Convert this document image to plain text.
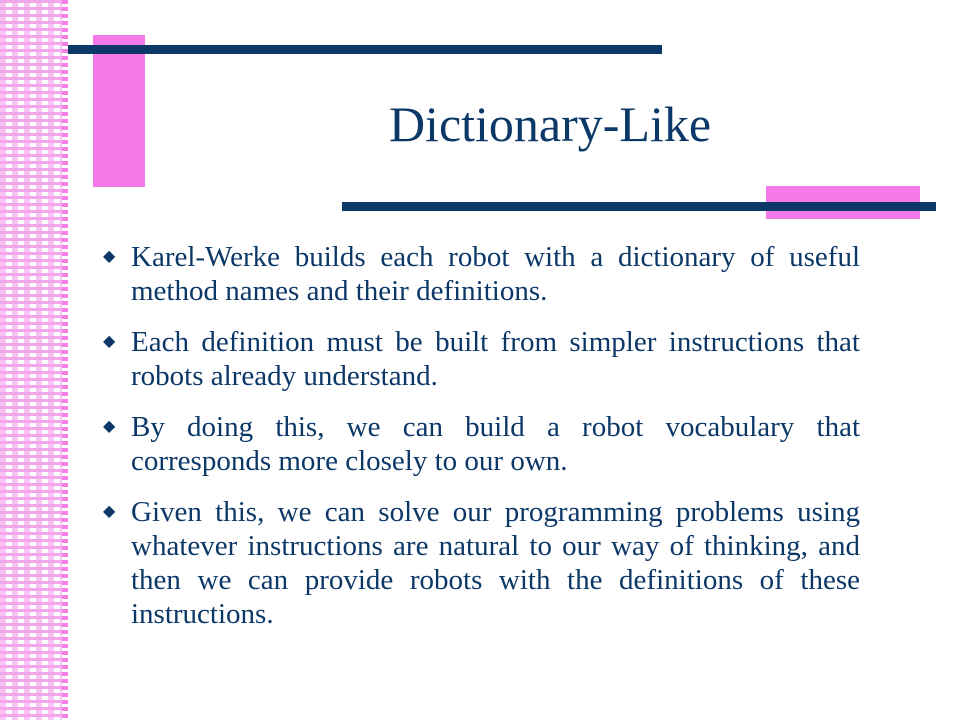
Dictionary-Like
◆ Karel-Werke builds each robot with a dictionary of useful method names and their definitions.
◆ Each definition must be built from simpler instructions that robots already understand.
◆ By doing this, we can build a robot vocabulary that corresponds more closely to our own.
◆ Given this, we can solve our programming problems using whatever instructions are natural to our way of thinking, and then we can provide robots with the definitions of these instructions.
